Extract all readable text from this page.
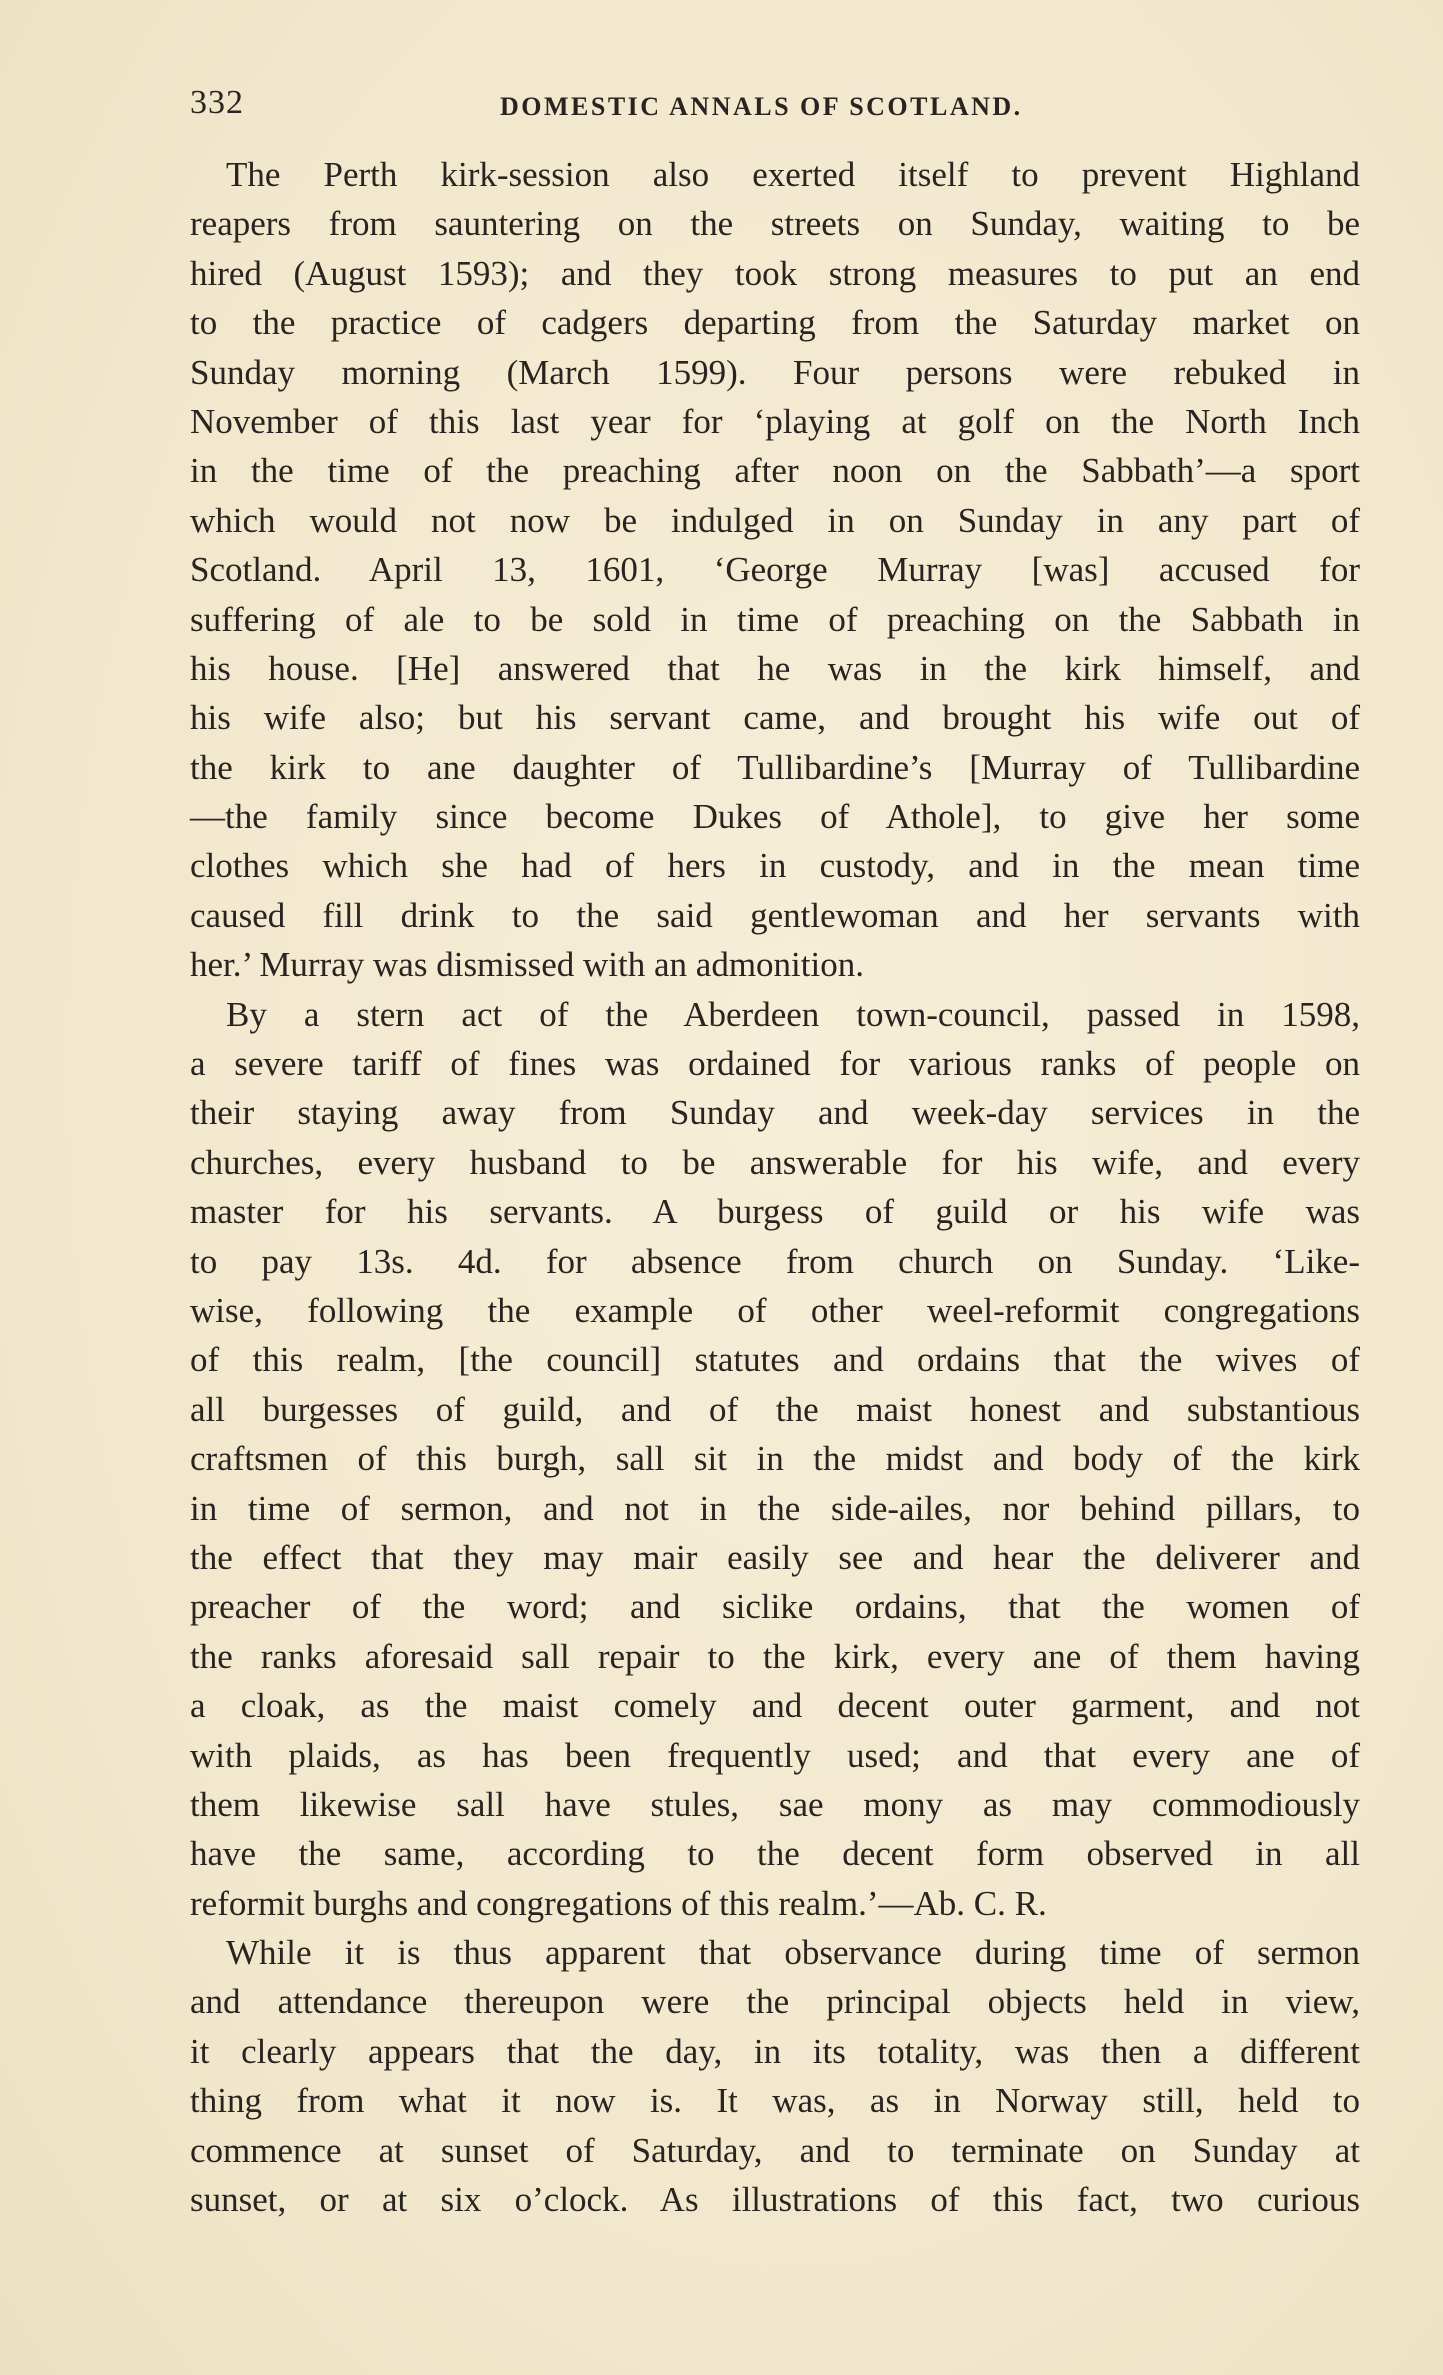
332	DOMESTIC ANNALS OF SCOTLAND.
The Perth kirk-session also exerted itself to prevent Highland
reapers from sauntering on the streets on Sunday, waiting to be
hired (August 1593); and they took strong measures to put an end
to the practice of cadgers departing from the Saturday market on
Sunday morning (March 1599). Four persons were rebuked in
November of this last year for ‘playing at golf on the North Inch
in the time of the preaching after noon on the Sabbath’—a sport
which would not now be indulged in on Sunday in any part of
Scotland. April 13, 1601, ‘George Murray [was] accused for
suffering of ale to be sold in time of preaching on the Sabbath in
his house. [He] answered that he was in the kirk himself, and
his wife also; but his servant came, and brought his wife out of
the kirk to ane daughter of Tullibardine’s [Murray of Tullibardine
—the family since become Dukes of Athole], to give her some
clothes which she had of hers in custody, and in the mean time
caused fill drink to the said gentlewoman and her servants with
her.’ Murray was dismissed with an admonition.
By a stern act of the Aberdeen town-council, passed in 1598,
a severe tariff of fines was ordained for various ranks of people on
their staying away from Sunday and week-day services in the
churches, every husband to be answerable for his wife, and every
master for his servants. A burgess of guild or his wife was
to pay 13s. 4d. for absence from church on Sunday. ‘Like-
wise, following the example of other weel-reformit congregations
of this realm, [the council] statutes and ordains that the wives of
all burgesses of guild, and of the maist honest and substantious
craftsmen of this burgh, sall sit in the midst and body of the kirk
in time of sermon, and not in the side-ailes, nor behind pillars, to
the effect that they may mair easily see and hear the deliverer and
preacher of the word; and siclike ordains, that the women of
the ranks aforesaid sall repair to the kirk, every ane of them having
a cloak, as the maist comely and decent outer garment, and not
with plaids, as has been frequently used; and that every ane of
them likewise sall have stules, sae mony as may commodiously
have the same, according to the decent form observed in all
reformit burghs and congregations of this realm.’—Ab. C. R.
While it is thus apparent that observance during time of sermon
and attendance thereupon were the principal objects held in view,
it clearly appears that the day, in its totality, was then a different
thing from what it now is. It was, as in Norway still, held to
commence at sunset of Saturday, and to terminate on Sunday at
sunset, or at six o’clock. As illustrations of this fact, two curious
